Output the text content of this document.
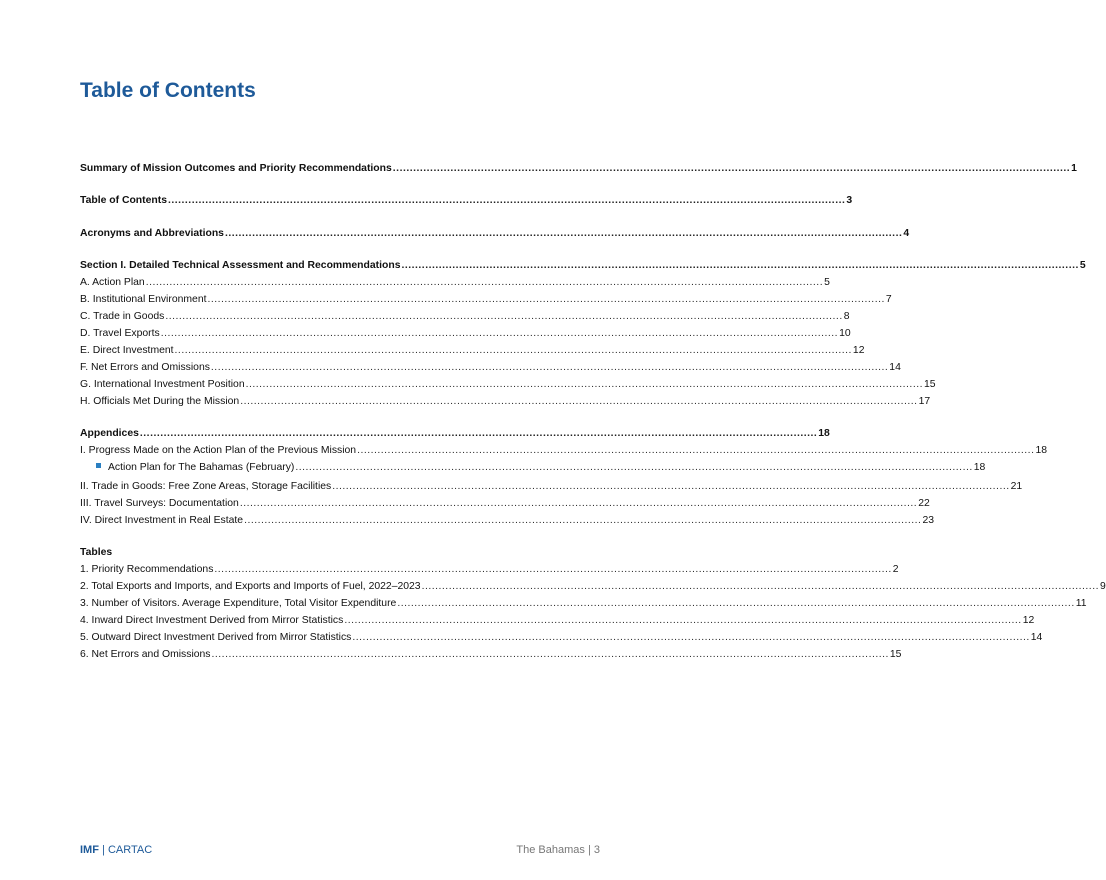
Table of Contents
Summary of Mission Outcomes and Priority Recommendations ........................................................................................................................................................................................................ 1
Table of Contents ........................................................................................................................................................................................................ 3
Acronyms and Abbreviations ........................................................................................................................................................................................................ 4
Section I. Detailed Technical Assessment and Recommendations ........................................................................................................................................................................................................ 5
A. Action Plan ........................................................................................................................................................................................................ 5
B. Institutional Environment ........................................................................................................................................................................................................ 7
C. Trade in Goods ........................................................................................................................................................................................................ 8
D. Travel Exports ........................................................................................................................................................................................................ 10
E. Direct Investment ........................................................................................................................................................................................................ 12
F. Net Errors and Omissions ........................................................................................................................................................................................................ 14
G. International Investment Position ........................................................................................................................................................................................................ 15
H. Officials Met During the Mission ........................................................................................................................................................................................................ 17
Appendices ........................................................................................................................................................................................................ 18
I. Progress Made on the Action Plan of the Previous Mission ........................................................................................................................................................................................................ 18
Action Plan for The Bahamas (February) ........................................................................................................................................................................................................ 18
II. Trade in Goods: Free Zone Areas, Storage Facilities ........................................................................................................................................................................................................ 21
III. Travel Surveys: Documentation ........................................................................................................................................................................................................ 22
IV. Direct Investment in Real Estate ........................................................................................................................................................................................................ 23
Tables
1. Priority Recommendations ........................................................................................................................................................................................................ 2
2. Total Exports and Imports, and Exports and Imports of Fuel, 2022–2023 ........................................................................................................................................................................................................ 9
3. Number of Visitors. Average Expenditure, Total Visitor Expenditure ........................................................................................................................................................................................................ 11
4. Inward Direct Investment Derived from Mirror Statistics ........................................................................................................................................................................................................ 12
5. Outward Direct Investment Derived from Mirror Statistics ........................................................................................................................................................................................................ 14
6. Net Errors and Omissions ........................................................................................................................................................................................................ 15
IMF | CARTAC	The Bahamas | 3
